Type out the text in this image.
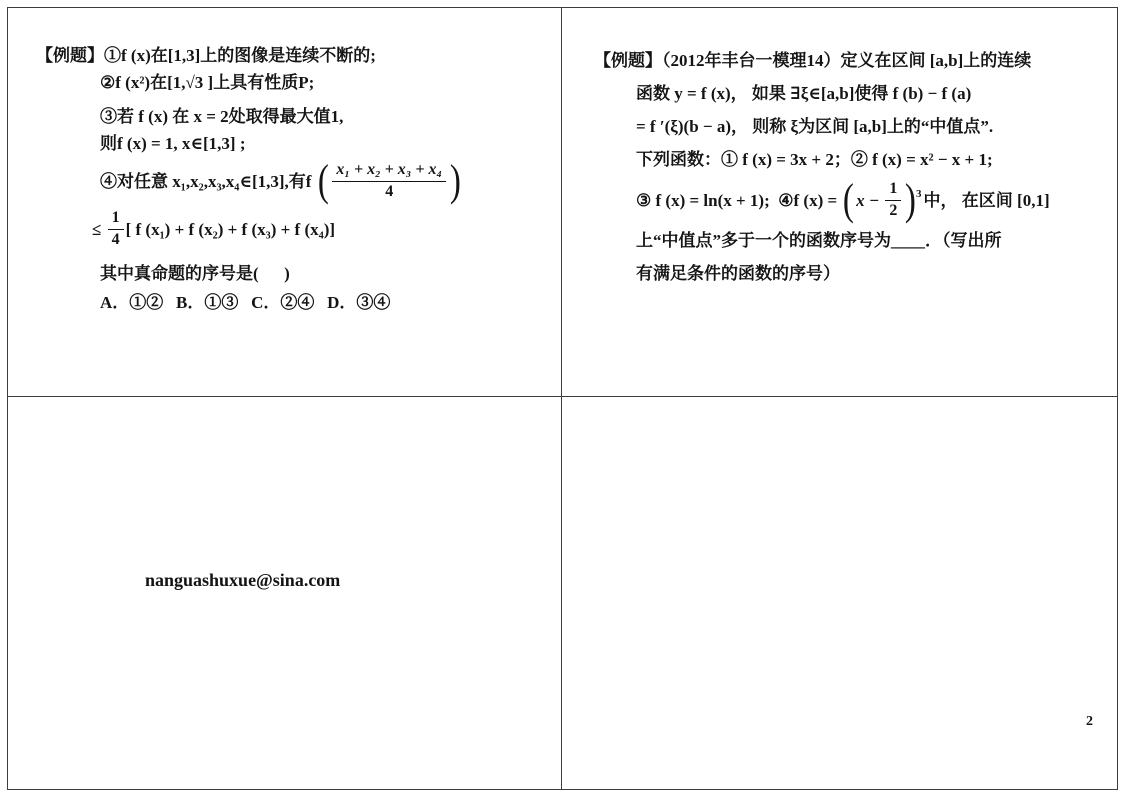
【例题】①f (x)在[1,3]上的图像是连续不断的;
②f (x²)在[1,√3 ]上具有性质P;
③若 f (x) 在 x = 2处取得最大值1,
则f (x) = 1, x∈[1,3] ;
④对任意 x₁,x₂,x₃,x₄∈[1,3],有f ( $\frac{\text{x₁ + x₂ + x₃ + x₄}}{4}$ )
≤ $\frac{1}{4}$ [ f (x₁) + f (x₂) + f (x₃) + f (x₄)]
其中真命题的序号是(      )
A．①②   B．①③   C．②④   D．③④
【例题】（2012年丰台一模理14）定义在区间 [a,b]上的连续
函数 y = f (x)， 如果 ∃ξ∈[a,b]使得 f (b) − f (a)
= f ′(ξ)(b − a)， 则称 ξ为区间 [a,b]上的“中值点”.
下列函数：① f (x) = 3x + 2；② f (x) = x² − x + 1;
③ f (x) = ln(x + 1);  ④f (x) = ( $x - \frac{1}{2}$ ) 3 中， 在区间 [0,1]
上“中值点”多于一个的函数序号为____．（写出所
有满足条件的函数的序号）
nanguashuxue@sina.com
2
